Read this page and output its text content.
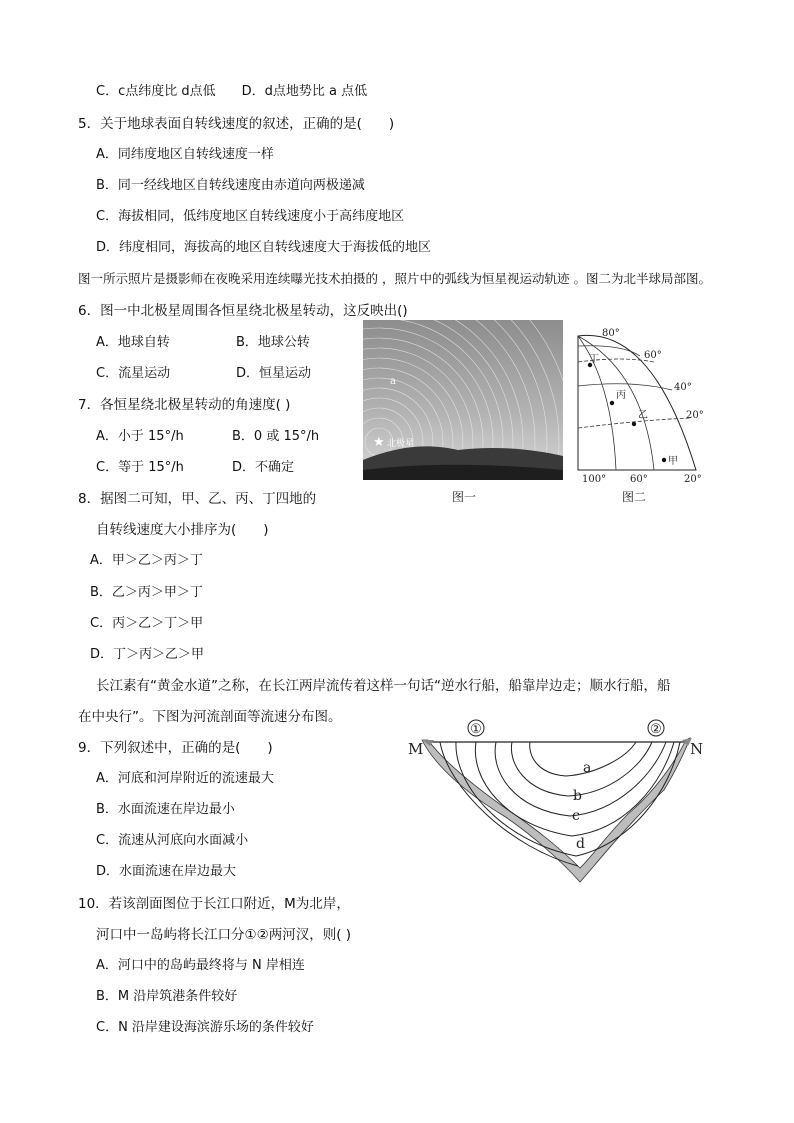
C．c点纬度比 d点低　　D．d点地势比 a 点低
5．关于地球表面自转线速度的叙述，正确的是(　　)
A．同纬度地区自转线速度一样
B．同一经线地区自转线速度由赤道向两极递减
C．海拔相同，低纬度地区自转线速度小于高纬度地区
D．纬度相同，海拔高的地区自转线速度大于海拔低的地区
图一所示照片是摄影师在夜晚采用连续曝光技术拍摄的 ，照片中的弧线为恒星视运动轨迹 。图二为北半球局部图。
6．图一中北极星周围各恒星绕北极星转动，这反映出()
A．地球自转	B．地球公转
C．流星运动	D．恒星运动
7．各恒星绕北极星转动的角速度( )
A．小于 15°/h	B．0 或 15°/h
C．等于 15°/h	D．不确定
8．据图二可知，甲、乙、丙、丁四地的
自转线速度大小排序为(　　)
A．甲＞乙＞丙＞丁
B．乙＞丙＞甲＞丁
C．丙＞乙＞丁＞甲
D．丁＞丙＞乙＞甲
a
★ 北极星
图一
80°
60°
40°
20°
100° 60°	20°
丁
丙
乙
甲
图二
长江素有“黄金水道”之称，在长江两岸流传着这样一句话“逆水行船，船靠岸边走；顺水行船，船
在中央行”。下图为河流剖面等流速分布图。
①	②
M	N
a
b
c
d
9．下列叙述中，正确的是(　　)
A．河底和河岸附近的流速最大
B．水面流速在岸边最小
C．流速从河底向水面减小
D．水面流速在岸边最大
10．若该剖面图位于长江口附近，M为北岸，
河口中一岛屿将长江口分①②两河汊，则( )
A．河口中的岛屿最终将与 N 岸相连
B．M 沿岸筑港条件较好
C．N 沿岸建设海滨游乐场的条件较好
